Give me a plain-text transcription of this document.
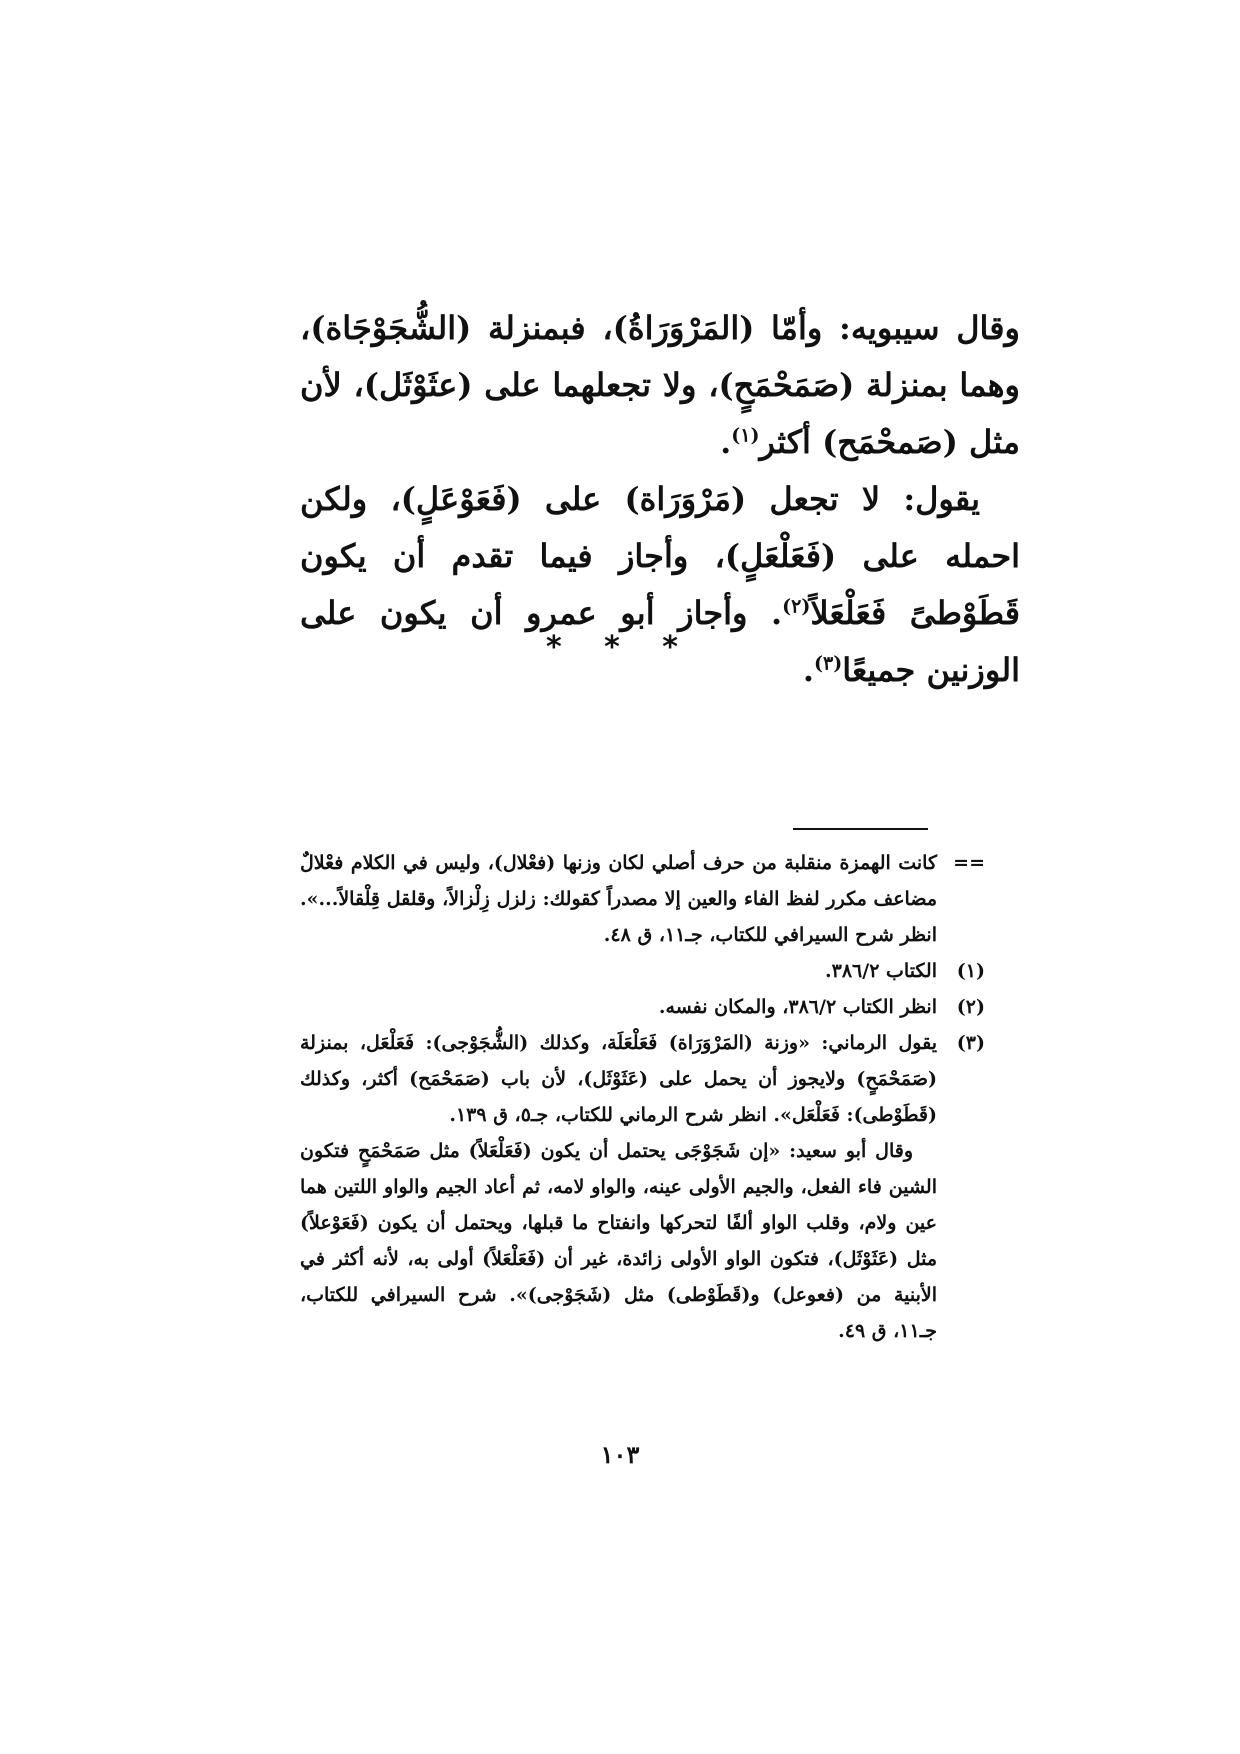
وقال سيبويه: وأمّا (المَرْوَرَاةُ)، فبمنزلة (الشُّجَوْجَاة)، وهما بمنزلة (صَمَحْمَحٍ)، ولا تجعلهما على (عثَوْثَل)، لأن مثل (صَمحْمَح) أكثر$^{(١)}$.

يقول: لا تجعل (مَرْوَرَاة) على (فَعَوْعَلٍ)، ولكن احمله على (فَعَلْعَلٍ)، وأجاز فيما تقدم أن يكون قَطَوْطىً فَعَلْعَلاً$^{(٢)}$. وأجاز أبو عمرو أن يكون على الوزنين جميعًا$^{(٣)}$.

* * *
==

كانت الهمزة منقلبة من حرف أصلي لكان وزنها (فعْلال)، وليس في الكلام فعْلالٌ مضاعف مكرر لفظ الفاء والعين إلا مصدراً كقولك: زلزل زِلْزالاً، وقلقل قِلْقالاً...». انظر شرح السيرافي للكتاب، جـ١١، ق ٤٨.

(١)

الكتاب ٣٨٦/٢.

(٢)

انظر الكتاب ٣٨٦/٢، والمكان نفسه.

(٣)

يقول الرماني: «وزنة (المَرْوَرَاة) فَعَلْعَلَة، وكذلك (الشُّجَوْجى): فَعَلْعَل، بمنزلة (صَمَحْمَحٍ) ولايجوز أن يحمل على (عَثَوْثَل)، لأن باب (صَمَحْمَح) أكثر، وكذلك (قَطَوْطى): فَعَلْعَل». انظر شرح الرماني للكتاب، جـ٥، ق ١٣٩.

وقال أبو سعيد: «إن شَجَوْجَى يحتمل أن يكون (فَعَلْعَلاً) مثل صَمَحْمَحٍ فتكون الشين فاء الفعل، والجيم الأولى عينه، والواو لامه، ثم أعاد الجيم والواو اللتين هما عين ولام، وقلب الواو ألفًا لتحركها وانفتاح ما قبلها، ويحتمل أن يكون (فَعَوْعلاً) مثل (عَثَوْثَل)، فتكون الواو الأولى زائدة، غير أن (فَعَلْعَلاً) أولى به، لأنه أكثر في الأبنية من (فعوعل) و(قَطَوْطى) مثل (شَجَوْجى)». شرح السيرافي للكتاب، جـ١١، ق ٤٩.

١٠٣
